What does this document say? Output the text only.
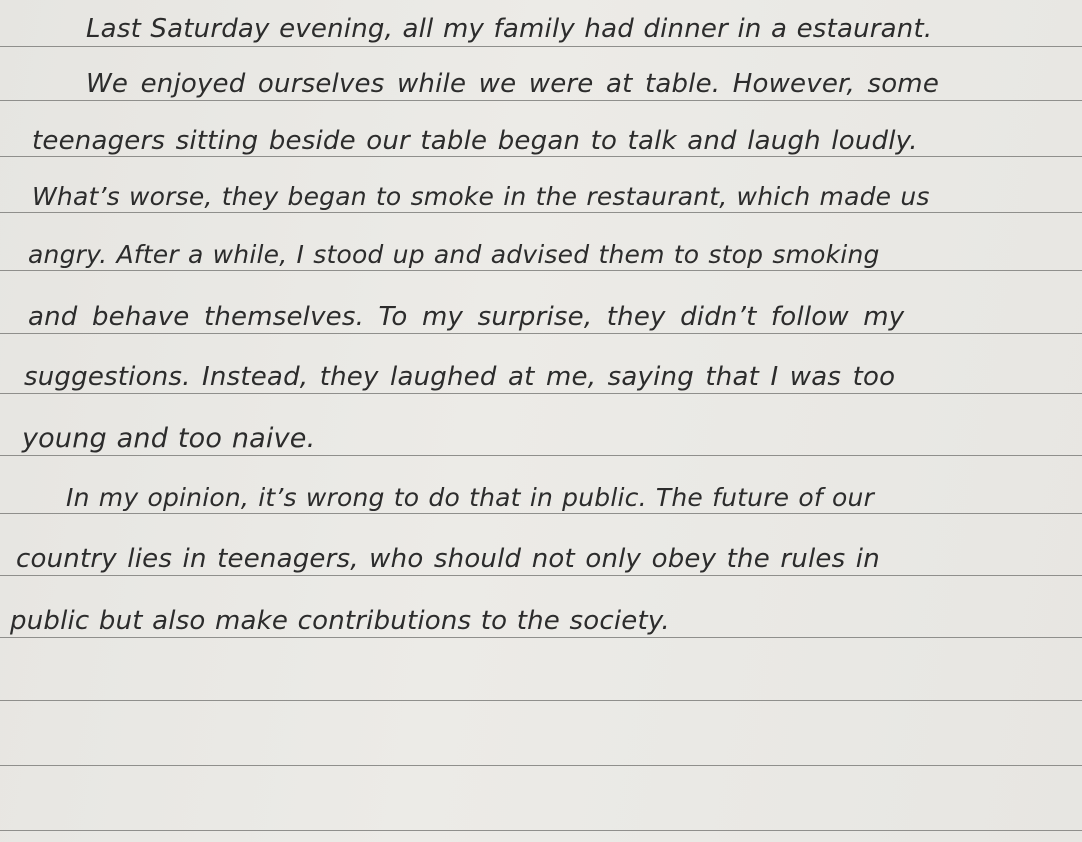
Last Saturday evening, all my family had dinner in a estaurant.

We enjoyed ourselves while we were at table. However, some

teenagers sitting beside our table began to talk and laugh loudly.

What’s worse, they began to smoke in the restaurant, which made us

angry. After a while, I stood up and advised them to stop smoking

and behave themselves. To my surprise, they didn’t follow my

suggestions. Instead, they laughed at me, saying that I was too

young and too naive.

In my opinion, it’s wrong to do that in public. The future of our

country lies in teenagers, who should not only obey the rules in

public but also make contributions to the society.
